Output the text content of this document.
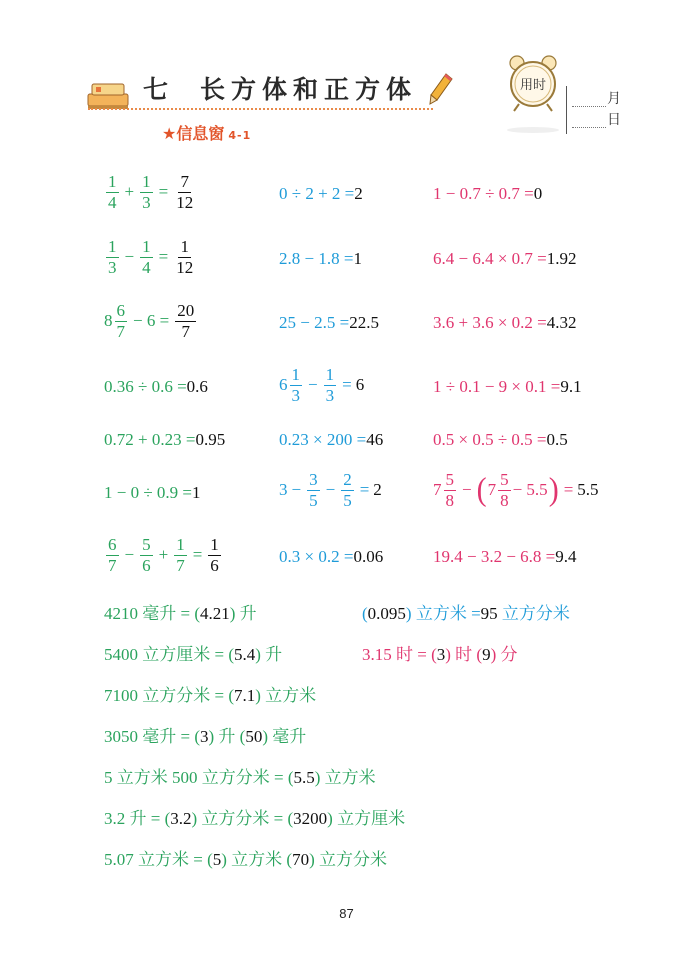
七 长方体和正方体
★信息窗 4-1
用时
月
日
$\frac{1}{4} + \frac{1}{3} = \frac{7}{12}$	0 ÷ 2 + 2 = 2	1 − 0.7 ÷ 0.7 = 0
$\frac{1}{3} - \frac{1}{4} = \frac{1}{12}$	2.8 − 1.8 = 1	6.4 − 6.4 × 0.7 = 1.92
$8 \frac{6}{7} - 6 = \frac{20}{7}$	25 − 2.5 = 22.5	3.6 + 3.6 × 0.2 = 4.32
0.36 ÷ 0.6 = 0.6	$6 \frac{1}{3} - \frac{1}{3} = 6$	1 ÷ 0.1 − 9 × 0.1 = 9.1
0.72 + 0.23 = 0.95	0.23 × 200 = 46	0.5 × 0.5 ÷ 0.5 = 0.5
1 − 0 ÷ 0.9 = 1	$3 - \frac{3}{5} - \frac{2}{5} = 2$	$7 \frac{5}{8}$ − ( $7 \frac{5}{8} - 5.5$ ) = 5.5
$\frac{6}{7} - \frac{5}{6} + \frac{1}{7} = \frac{1}{6}$	0.3 × 0.2 = 0.06	19.4 − 3.2 − 6.8 = 9.4
4210 毫升 = (4.21) 升	(0.095) 立方米 =95 立方分米
5400 立方厘米 = (5.4) 升	3.15 时 = (3) 时 (9) 分
7100 立方分米 = (7.1) 立方米
3050 毫升 = (3) 升 (50) 毫升
5 立方米 500 立方分米 = (5.5) 立方米
3.2 升 = (3.2) 立方分米 = (3200) 立方厘米
5.07 立方米 = (5) 立方米 (70) 立方分米
87
